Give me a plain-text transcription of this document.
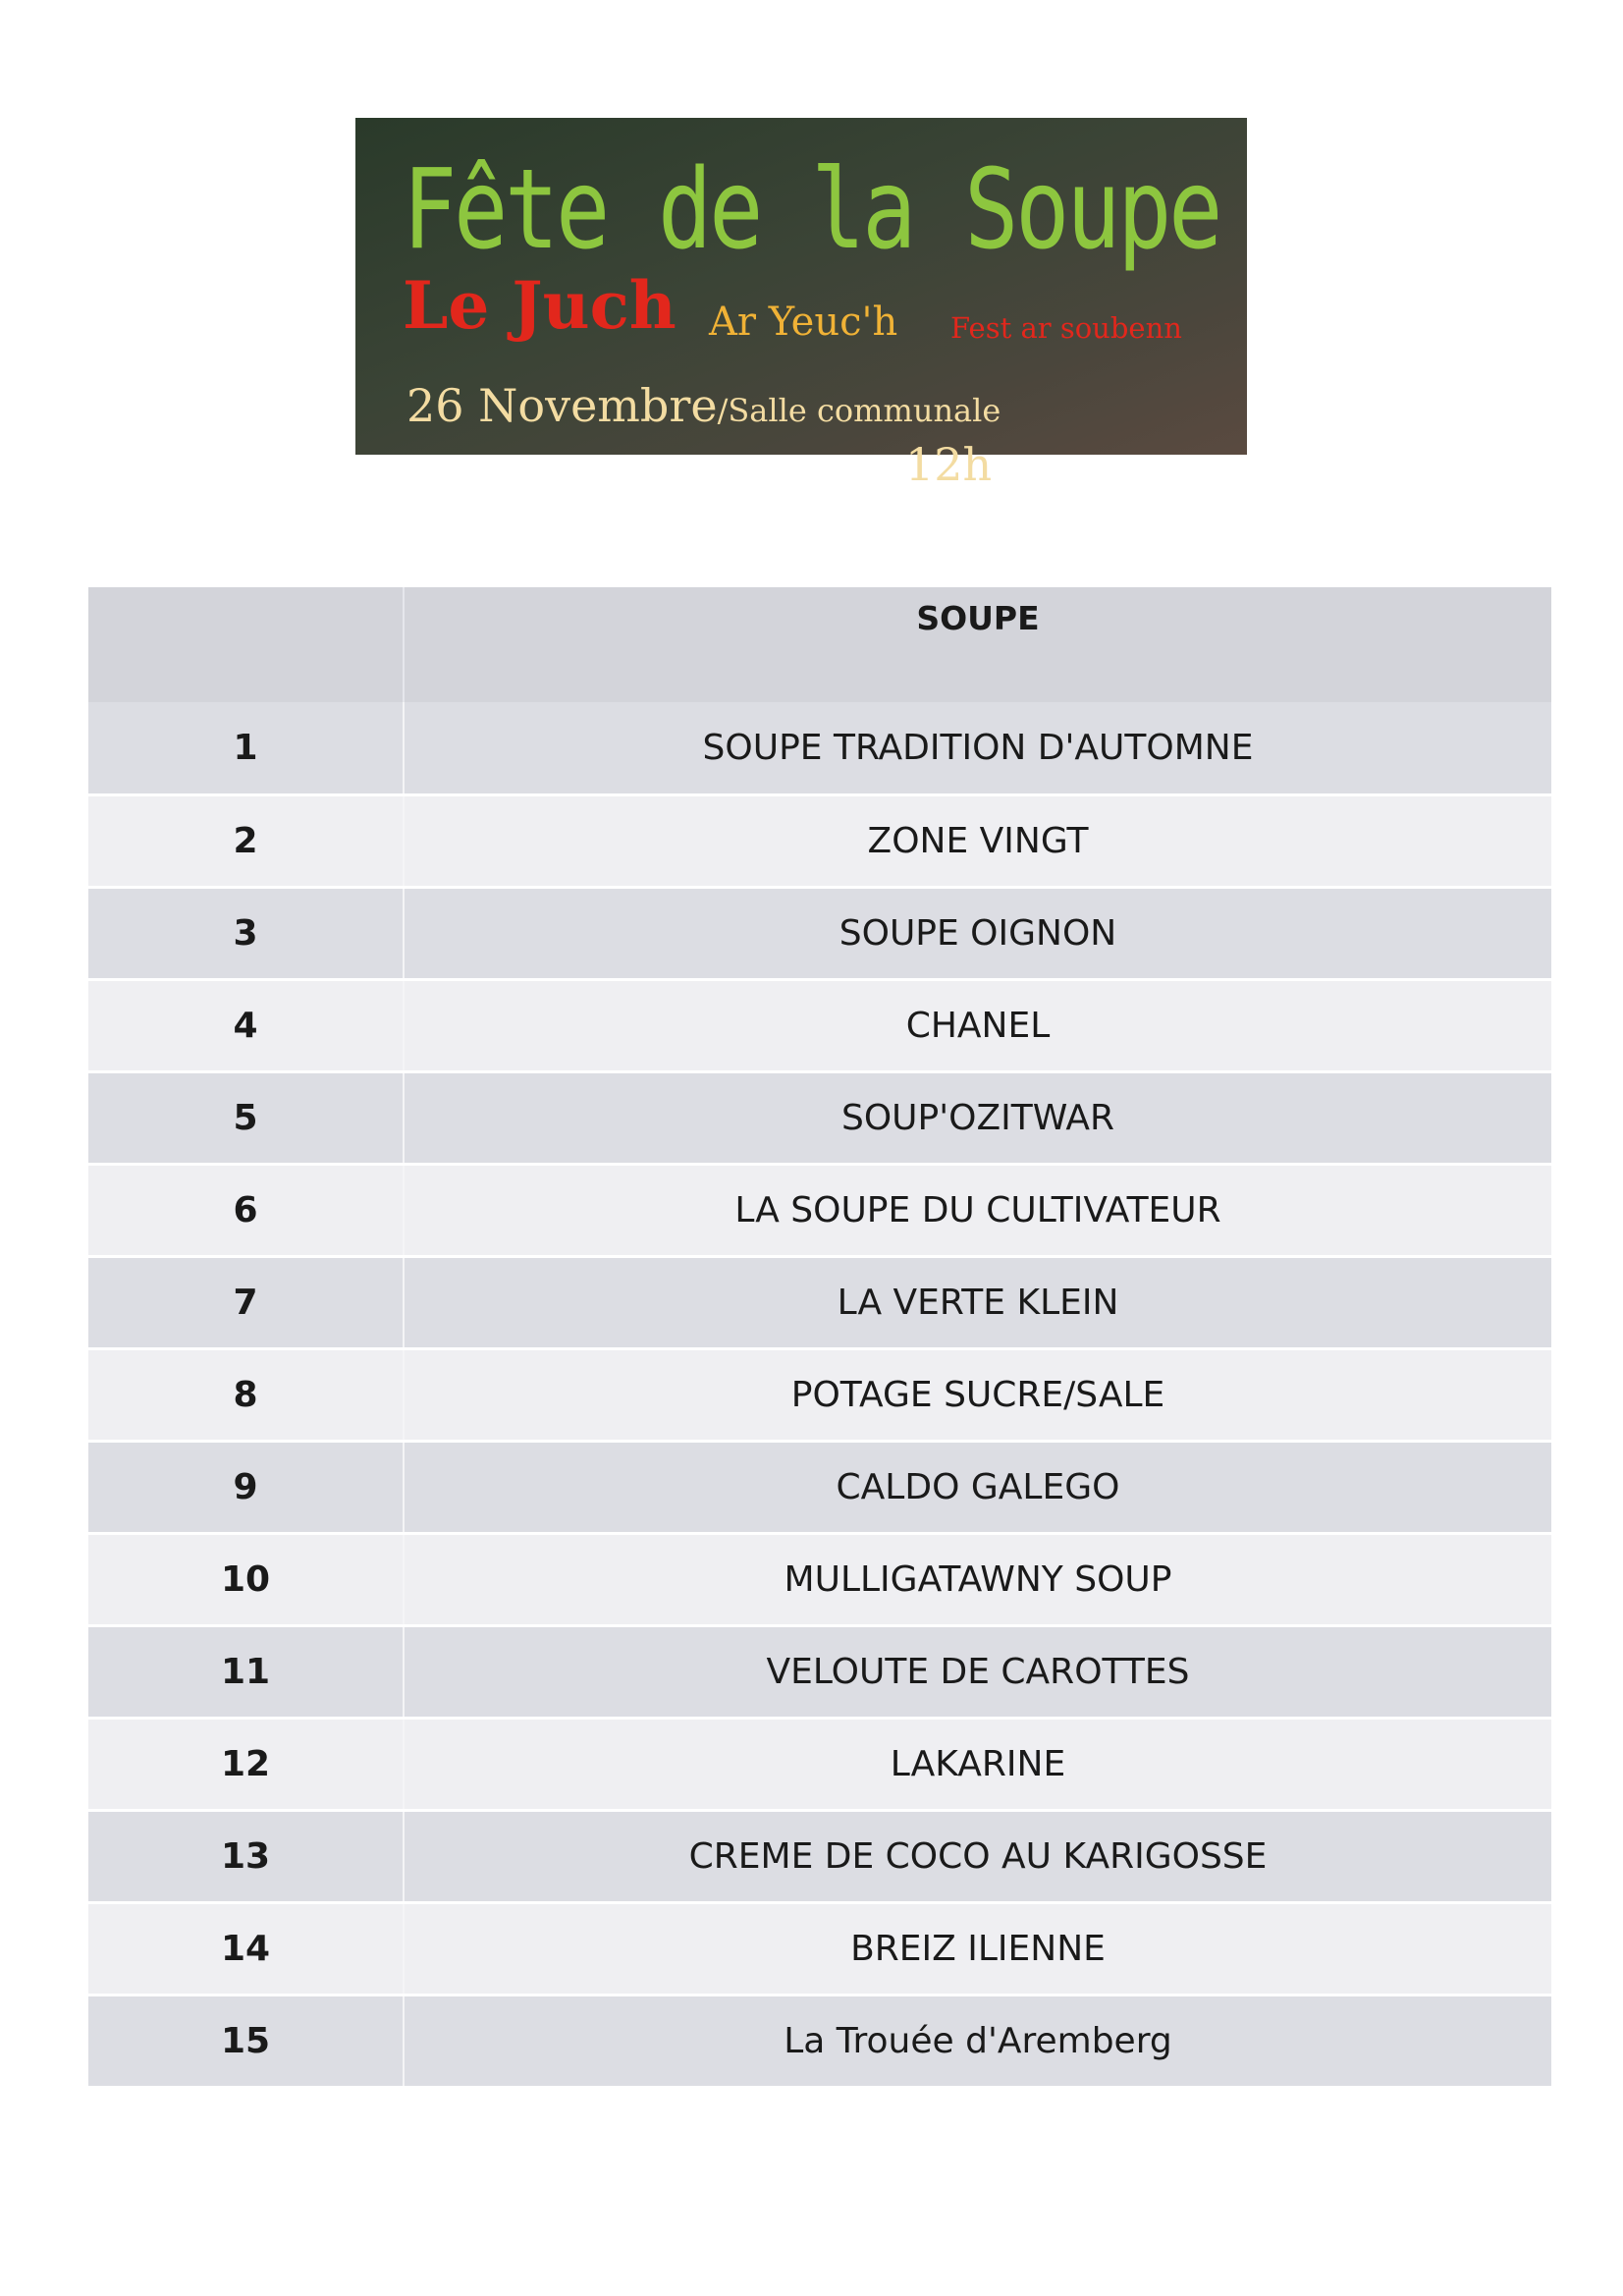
Fête de la Soupe
Le Juch Ar Yeuc'h Fest ar soubenn
26 Novembre/Salle communale
12h
	SOUPE
1	SOUPE TRADITION D'AUTOMNE
2	ZONE VINGT
3	SOUPE OIGNON
4	CHANEL
5	SOUP'OZITWAR
6	LA SOUPE DU CULTIVATEUR
7	LA VERTE KLEIN
8	POTAGE SUCRE/SALE
9	CALDO GALEGO
10	MULLIGATAWNY SOUP
11	VELOUTE DE CAROTTES
12	LAKARINE
13	CREME DE COCO AU KARIGOSSE
14	BREIZ ILIENNE
15	La Trouée d'Aremberg
